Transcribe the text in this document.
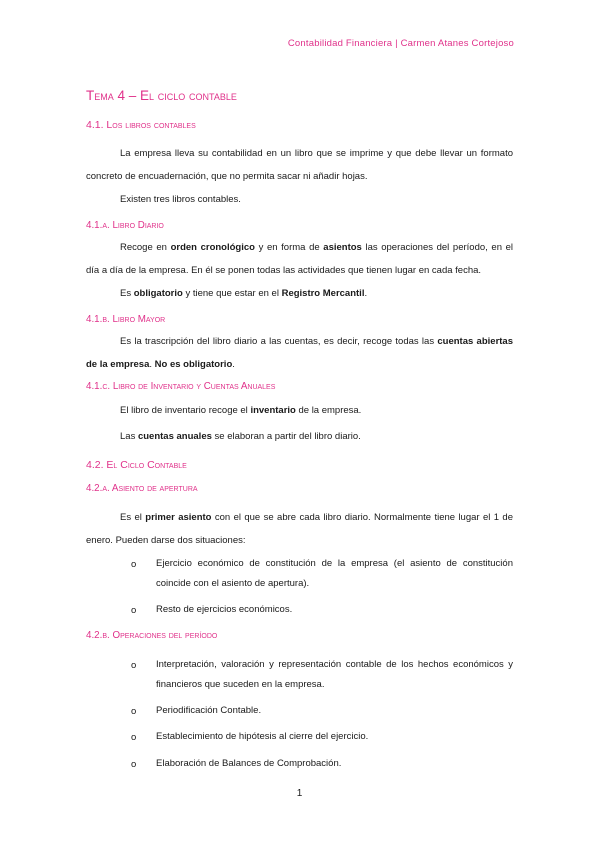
Contabilidad Financiera | Carmen Atanes Cortejoso
Tema 4 – El ciclo contable
4.1. Los libros contables
La empresa lleva su contabilidad en un libro que se imprime y que debe llevar un formato concreto de encuadernación, que no permita sacar ni añadir hojas.
Existen tres libros contables.
4.1.a. Libro Diario
Recoge en orden cronológico y en forma de asientos las operaciones del período, en el día a día de la empresa. En él se ponen todas las actividades que tienen lugar en cada fecha.
Es obligatorio y tiene que estar en el Registro Mercantil.
4.1.b. Libro Mayor
Es la trascripción del libro diario a las cuentas, es decir, recoge todas las cuentas abiertas de la empresa. No es obligatorio.
4.1.c. Libro de Inventario y Cuentas Anuales
El libro de inventario recoge el inventario de la empresa.
Las cuentas anuales se elaboran a partir del libro diario.
4.2. El Ciclo Contable
4.2.a. Asiento de apertura
Es el primer asiento con el que se abre cada libro diario. Normalmente tiene lugar el 1 de enero. Pueden darse dos situaciones:
o Ejercicio económico de constitución de la empresa (el asiento de constitución coincide con el asiento de apertura).
o Resto de ejercicios económicos.
4.2.b. Operaciones del período
o Interpretación, valoración y representación contable de los hechos económicos y financieros que suceden en la empresa.
o Periodificación Contable.
o Establecimiento de hipótesis al cierre del ejercicio.
o Elaboración de Balances de Comprobación.
1
